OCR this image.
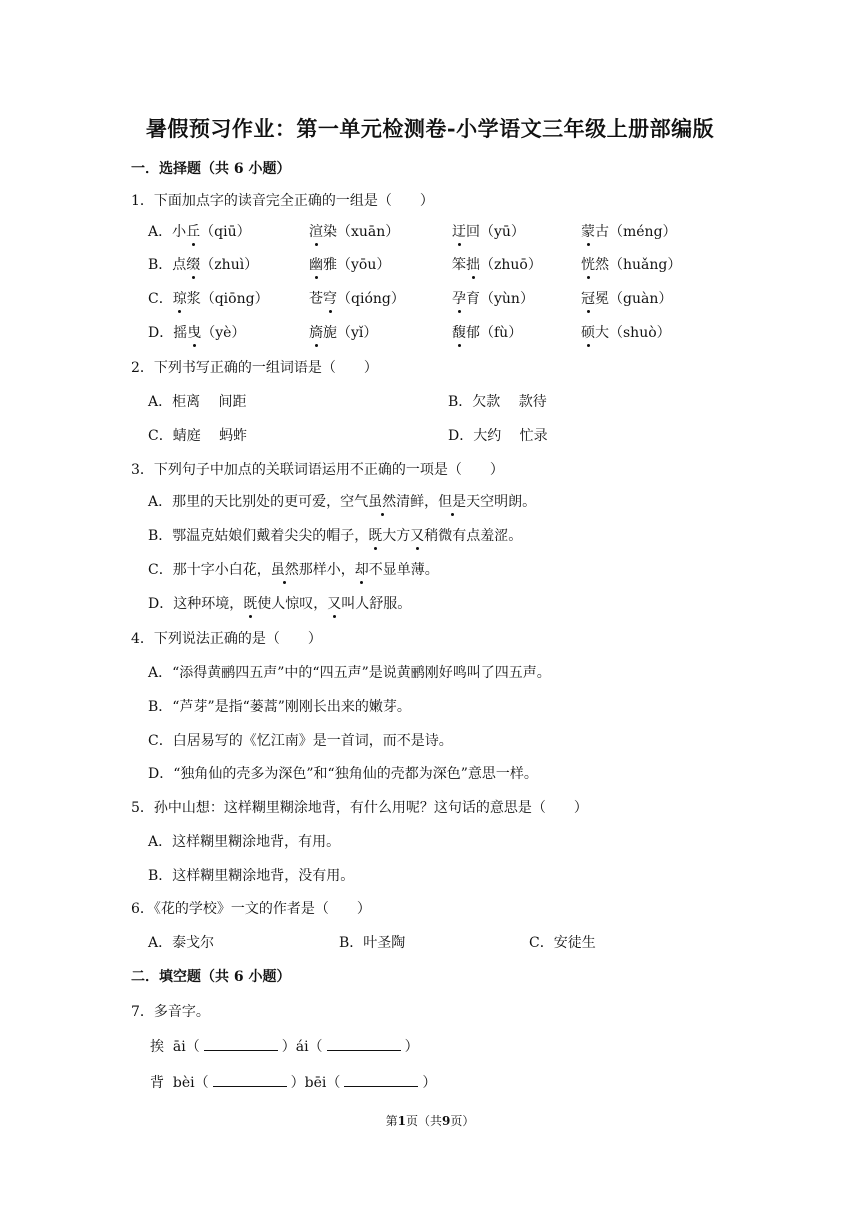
暑假预习作业：第一单元检测卷-小学语文三年级上册部编版
一．选择题（共 6 小题）
1．下面加点字的读音完全正确的一组是（　　）
A．小丘（qiū）	渲染（xuān）	迂回（yū）	蒙古（méng）
B．点缀（zhuì）	幽雅（yōu）	笨拙（zhuō）	恍然（huǎng）
C．琼浆（qiōng）	苍穹（qióng）	孕育（yùn）	冠冕（guàn）
D．摇曳（yè）	旖旎（yǐ）	馥郁（fù）	硕大（shuò）
2．下列书写正确的一组词语是（　　）
A．柜离　 间距	B．欠款　 款待
C．蜻庭　 蚂蚱	D．大约　 忙录
3．下列句子中加点的关联词语运用不正确的一项是（　　）
A．那里的天比别处的更可爱，空气虽然清鲜，但是天空明朗。
B．鄂温克姑娘们戴着尖尖的帽子，既大方又稍微有点羞涩。
C．那十字小白花，虽然那样小，却不显单薄。
D．这种环境，既使人惊叹，又叫人舒服。
4．下列说法正确的是（　　）
A．“添得黄鹂四五声”中的“四五声”是说黄鹂刚好鸣叫了四五声。
B．“芦芽”是指“蒌蒿”刚刚长出来的嫩芽。
C．白居易写的《忆江南》是一首词，而不是诗。
D．“独角仙的壳多为深色”和“独角仙的壳都为深色”意思一样。
5．孙中山想：这样糊里糊涂地背，有什么用呢？这句话的意思是（　　）
A．这样糊里糊涂地背，有用。
B．这样糊里糊涂地背，没有用。
6．《花的学校》一文的作者是（　　）
A．泰戈尔	B．叶圣陶	C．安徒生
二．填空题（共 6 小题）
7．多音字。
挨 āi（	）ái（	）
背 bèi（	）bēi（	）
第1页（共9页）
